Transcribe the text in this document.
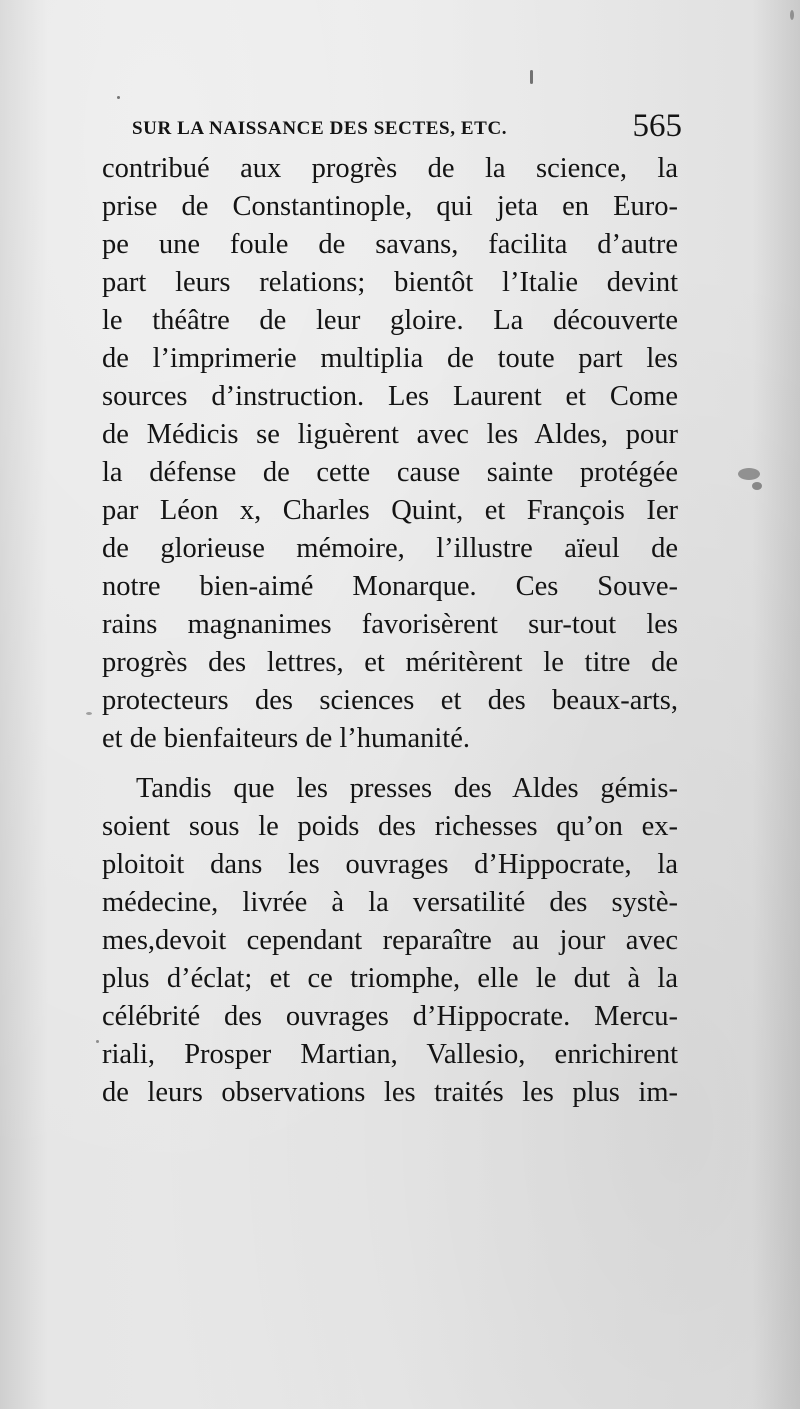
SUR LA NAISSANCE DES SECTES, ETC.	565
contribué aux progrès de la science, la
prise de Constantinople, qui jeta en Euro-
pe une foule de savans, facilita d’autre
part leurs relations; bientôt l’Italie devint
le théâtre de leur gloire. La découverte
de l’imprimerie multiplia de toute part les
sources d’instruction. Les Laurent et Come
de Médicis se liguèrent avec les Aldes, pour
la défense de cette cause sainte protégée
par Léon x, Charles Quint, et François Ier
de glorieuse mémoire, l’illustre aïeul de
notre bien-aimé Monarque. Ces Souve-
rains magnanimes favorisèrent sur-tout les
progrès des lettres, et méritèrent le titre de
protecteurs des sciences et des beaux-arts,
et de bienfaiteurs de l’humanité.
Tandis que les presses des Aldes gémis-
soient sous le poids des richesses qu’on ex-
ploitoit dans les ouvrages d’Hippocrate, la
médecine, livrée à la versatilité des systè-
mes,devoit cependant reparaître au jour avec
plus d’éclat; et ce triomphe, elle le dut à la
célébrité des ouvrages d’Hippocrate. Mercu-
riali, Prosper Martian, Vallesio, enrichirent
de leurs observations les traités les plus im-
